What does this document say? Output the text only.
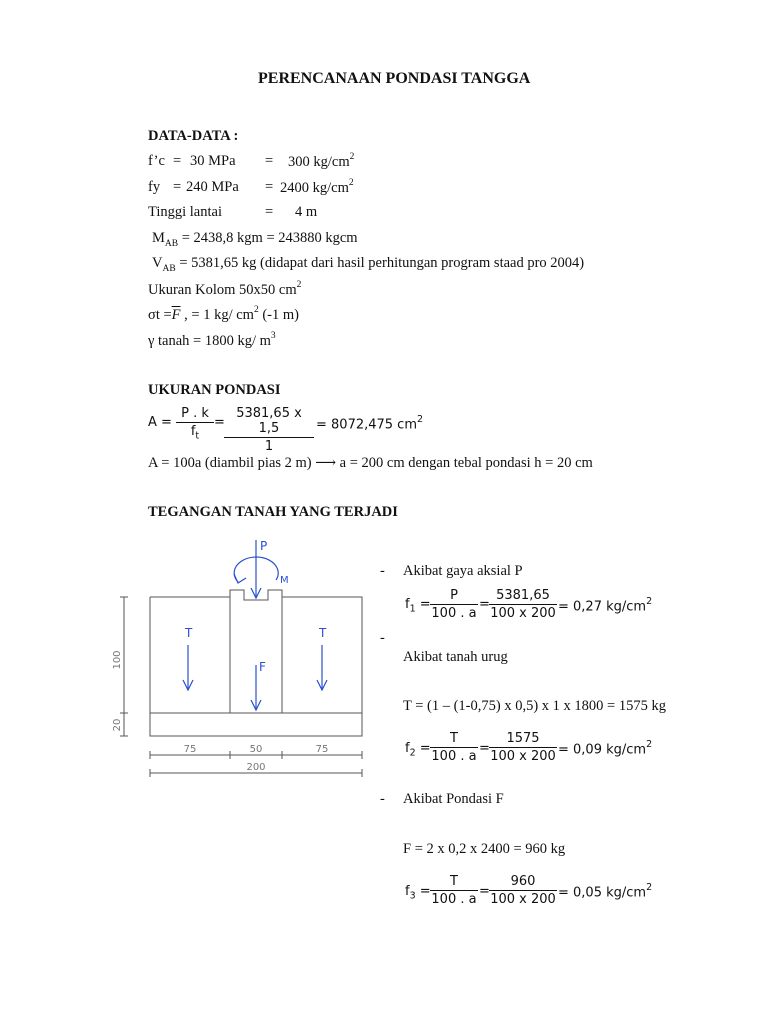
PERENCANAAN PONDASI TANGGA
DATA-DATA :
f’c = 30 MPa = 300 $kg/cm^2$
fy = 240 MPa = 2400 $kg/cm^2$
Tinggi lantai	= 4 m
$M_{AB} = 2438,8$ kgm = 243880 kgcm
$V_{AB} = 5381,65$ kg (didapat dari hasil perhitungan program staad pro 2004)
Ukuran Kolom 50x50 $cm^2$
$\sigma t =\overline{F}$ , = 1 kg/ $cm^2$ (-1 m)
γ tanah = 1800 kg/ $m^3$
UKURAN PONDASI
$A = \frac{P . k}{f_t} = \frac{5381,65 x 1,5}{1} = 8072,475$ $cm^2$
A = 100a (diambil pias 2 m) ⟶ a = 200 cm dengan tebal pondasi h = 20 cm
TEGANGAN TANAH YANG TERJADI
P
M
T	T
F
100
20
75	50	75
200
- Akibat gaya aksial P
$f_1 = \frac{P}{100 . a} = \frac{5381,65}{100 x 200} = 0,27$ $kg/cm^2$
-
Akibat tanah urug
T = (1 – (1-0,75) x 0,5) x 1 x 1800 = 1575 kg
$f_2 = \frac{T}{100 . a} = \frac{1575}{100 x 200} = 0,09$ $kg/cm^2$
- Akibat Pondasi F
F = 2 x 0,2 x 2400 = 960 kg
$f_3 = \frac{T}{100 . a} = \frac{960}{100 x 200} = 0,05$ $kg/cm^2$
